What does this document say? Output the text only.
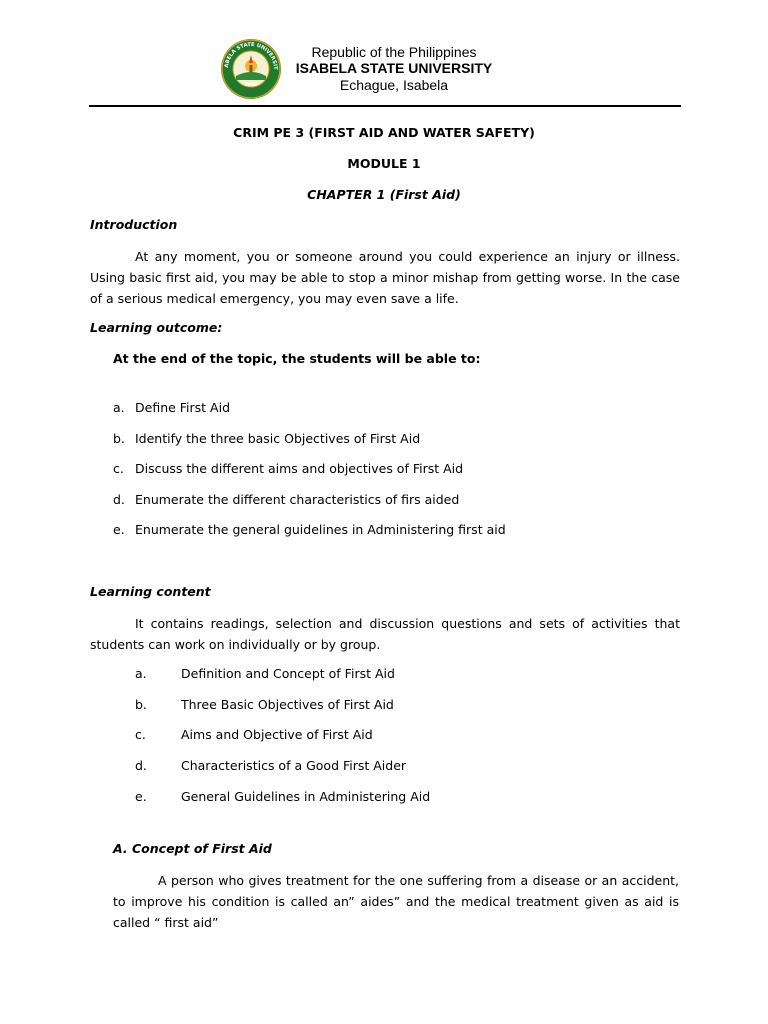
ABELA STATE UNIVERSIT
1978
Republic of the Philippines
ISABELA STATE UNIVERSITY
Echague, Isabela
CRIM PE 3 (FIRST AID AND WATER SAFETY)
MODULE 1
CHAPTER 1 (First Aid)
Introduction
At any moment, you or someone around you could experience an injury or illness. Using basic first aid, you may be able to stop a minor mishap from getting worse. In the case of a serious medical emergency, you may even save a life.
Learning outcome:
At the end of the topic, the students will be able to:
a. Define First Aid
b. Identify the three basic Objectives of First Aid
c. Discuss the different aims and objectives of First Aid
d. Enumerate the different characteristics of firs aided
e. Enumerate the general guidelines in Administering first aid
Learning content
It contains readings, selection and discussion questions and sets of activities that students can work on individually or by group.
a.	Definition and Concept of First Aid
b.	Three Basic Objectives of First Aid
c.	Aims and Objective of First Aid
d.	Characteristics of a Good First Aider
e.	General Guidelines in Administering Aid
A. Concept of First Aid
A person who gives treatment for the one suffering from a disease or an accident, to improve his condition is called an” aides” and the medical treatment given as aid is called “ first aid”
